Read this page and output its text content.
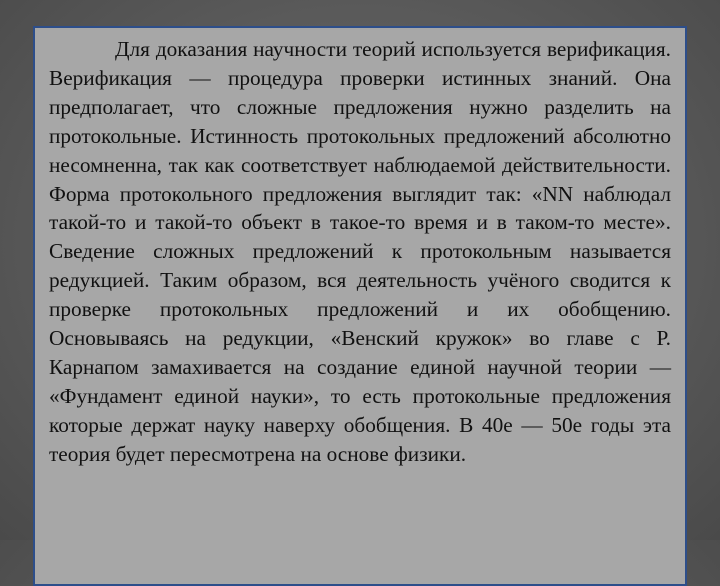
Для доказания научности теорий используется верификация. Верификация — процедура проверки истинных знаний. Она предполагает, что сложные предложения нужно разделить на протокольные. Истинность протокольных предложений абсолютно несомненна, так как соответствует наблюдаемой действительности. Форма протокольного предложения выглядит так: «NN наблюдал такой-то и такой-то объект в такое-то время и в таком-то месте». Сведение сложных предложений к протокольным называется редукцией. Таким образом, вся деятельность учёного сводится к проверке протокольных предложений и их обобщению. Основываясь на редукции, «Венский кружок» во главе с Р. Карнапом замахивается на создание единой научной теории — «Фундамент единой науки», то есть протокольные предложения которые держат науку наверху обобщения. В 40е — 50е годы эта теория будет пересмотрена на основе физики.
